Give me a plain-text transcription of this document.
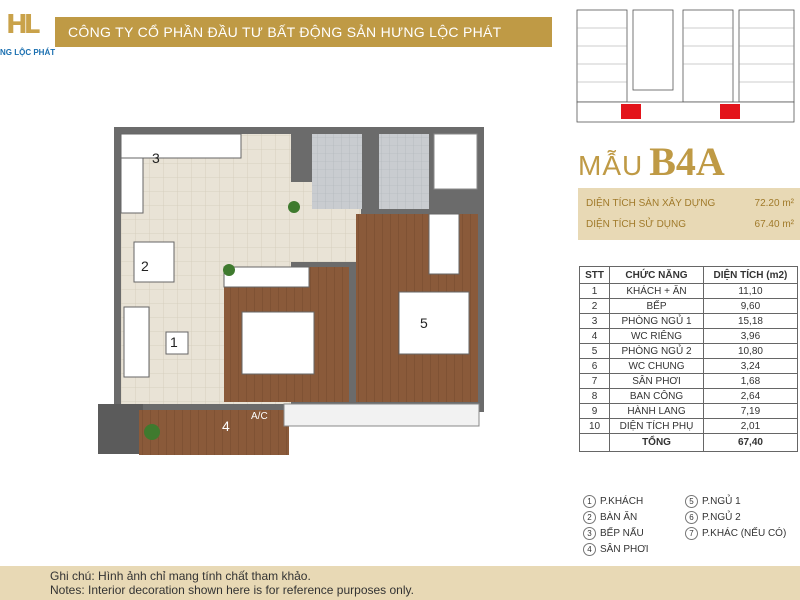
HL
NG LỘC PHÁT
CÔNG TY CỔ PHẦN ĐẦU TƯ BẤT ĐỘNG SẢN HƯNG LỘC PHÁT
MẪU B4A
DIỆN TÍCH SÀN XÂY DỰNG	72.20 m²
DIỆN TÍCH SỬ DỤNG	67.40 m²
STT	CHỨC NĂNG	DIỆN TÍCH (m2)
1	KHÁCH + ĂN	11,10
2	BẾP	9,60
3	PHÒNG NGỦ 1	15,18
4	WC RIÊNG	3,96
5	PHÒNG NGỦ 2	10,80
6	WC CHUNG	3,24
7	SÂN PHƠI	1,68
8	BAN CÔNG	2,64
9	HÀNH LANG	7,19
10	DIỆN TÍCH PHỤ	2,01
	TỔNG	67,40
1 P.KHÁCH
2 BÀN ĂN
3 BẾP NẤU
4 SÂN PHƠI
5 P.NGỦ 1
6 P.NGỦ 2
7 P.KHÁC (NẾU CÓ)
3
2
1	6
5
4
A/C
Ghi chú: Hình ảnh chỉ mang tính chất tham khảo.
Notes: Interior decoration shown here is for reference purposes only.
